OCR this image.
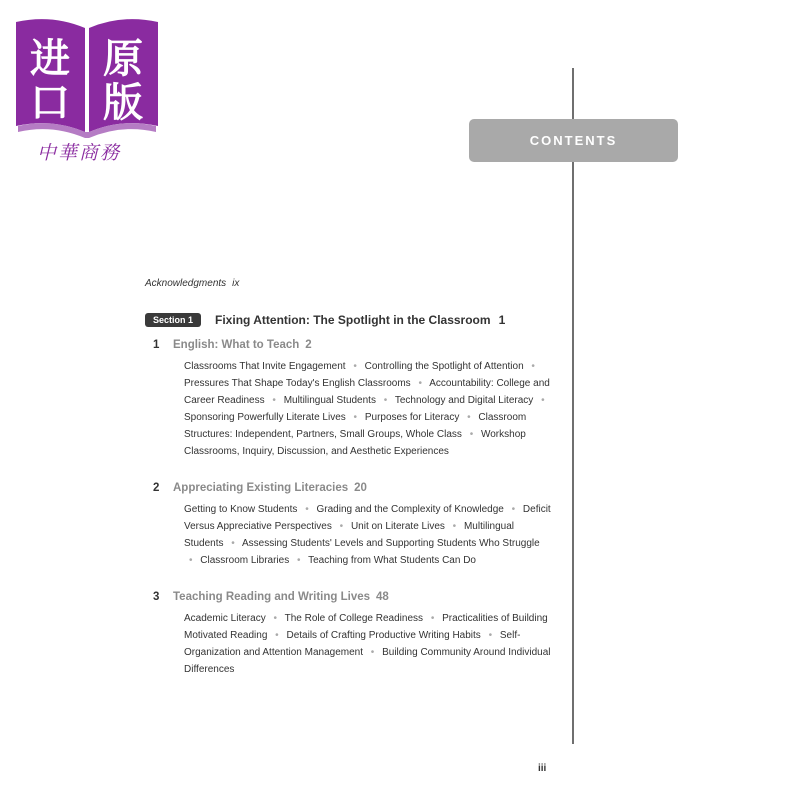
进 原
口 版
中華商務
CONTENTS
Acknowledgments ix
Section 1	Fixing Attention: The Spotlight in the Classroom 1
1	English: What to Teach 2
Classrooms That Invite Engagement • Controlling the Spotlight of Attention • Pressures That Shape Today's English Classrooms • Accountability: College and Career Readiness • Multilingual Students • Technology and Digital Literacy • Sponsoring Powerfully Literate Lives • Purposes for Literacy • Classroom Structures: Independent, Partners, Small Groups, Whole Class • Workshop Classrooms, Inquiry, Discussion, and Aesthetic Experiences
2	Appreciating Existing Literacies 20
Getting to Know Students • Grading and the Complexity of Knowledge • Deficit Versus Appreciative Perspectives • Unit on Literate Lives • Multilingual Students • Assessing Students' Levels and Supporting Students Who Struggle • Classroom Libraries • Teaching from What Students Can Do
3	Teaching Reading and Writing Lives 48
Academic Literacy • The Role of College Readiness • Practicalities of Building Motivated Reading • Details of Crafting Productive Writing Habits • Self-Organization and Attention Management • Building Community Around Individual Differences
iii
